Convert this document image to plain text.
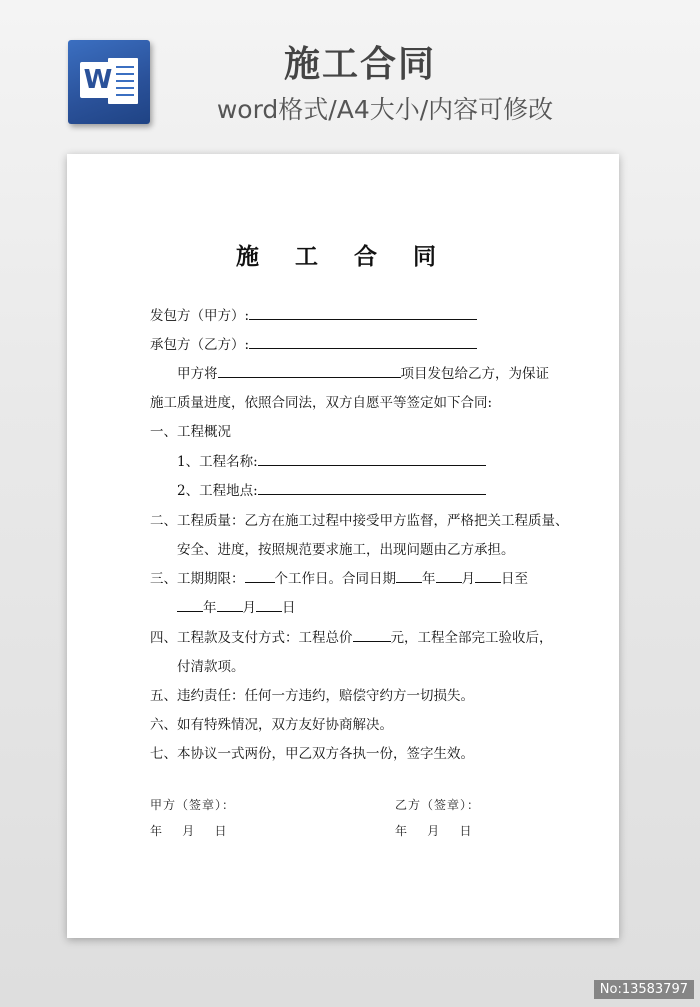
W	施工合同
word格式/A4大小/内容可修改
施 工 合 同
发包方（甲方）:
承包方（乙方）:
甲方将	项目发包给乙方，为保证
施工质量进度，依照合同法，双方自愿平等签定如下合同:
一、工程概况
1、工程名称:
2、工程地点:
二、工程质量：乙方在施工过程中接受甲方监督，严格把关工程质量、
安全、进度，按照规范要求施工，出现问题由乙方承担。
三、工期期限： 个工作日。合同日期 年 月 日至
年 月 日
四、工程款及支付方式：工程总价	元，工程全部完工验收后，
付清款项。
五、违约责任：任何一方违约，赔偿守约方一切损失。
六、如有特殊情况，双方友好协商解决。
七、本协议一式两份，甲乙双方各执一份，签字生效。
甲方（签章）：	乙方（签章）：
年    月    日	年    月    日
No:13583797
